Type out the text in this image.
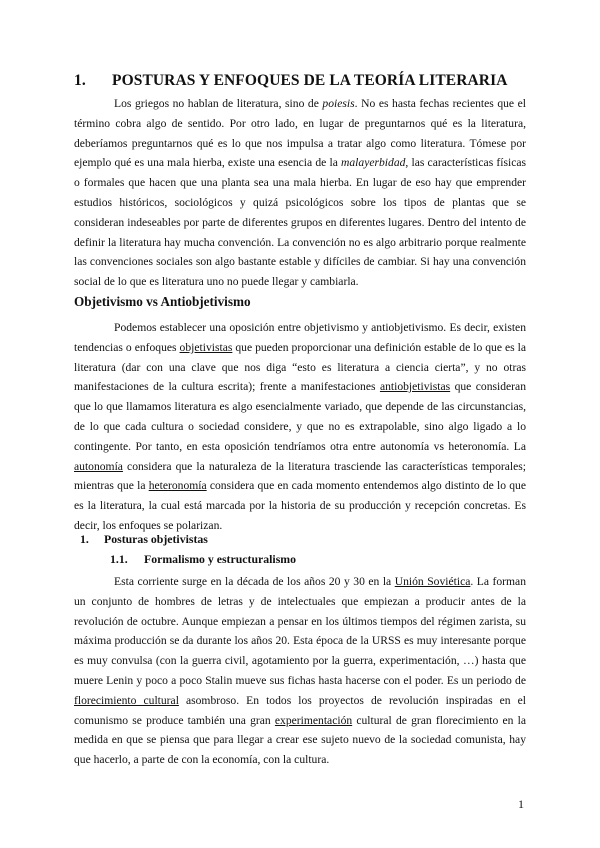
1. POSTURAS Y ENFOQUES DE LA TEORÍA LITERARIA
Los griegos no hablan de literatura, sino de poiesis. No es hasta fechas recientes que el término cobra algo de sentido. Por otro lado, en lugar de preguntarnos qué es la literatura, deberíamos preguntarnos qué es lo que nos impulsa a tratar algo como literatura. Tómese por ejemplo qué es una mala hierba, existe una esencia de la malayerbidad, las características físicas o formales que hacen que una planta sea una mala hierba. En lugar de eso hay que emprender estudios históricos, sociológicos y quizá psicológicos sobre los tipos de plantas que se consideran indeseables por parte de diferentes grupos en diferentes lugares. Dentro del intento de definir la literatura hay mucha convención. La convención no es algo arbitrario porque realmente las convenciones sociales son algo bastante estable y difíciles de cambiar. Si hay una convención social de lo que es literatura uno no puede llegar y cambiarla.
Objetivismo vs Antiobjetivismo
Podemos establecer una oposición entre objetivismo y antiobjetivismo. Es decir, existen tendencias o enfoques objetivistas que pueden proporcionar una definición estable de lo que es la literatura (dar con una clave que nos diga “esto es literatura a ciencia cierta”, y no otras manifestaciones de la cultura escrita); frente a manifestaciones antiobjetivistas que consideran que lo que llamamos literatura es algo esencialmente variado, que depende de las circunstancias, de lo que cada cultura o sociedad considere, y que no es extrapolable, sino algo ligado a lo contingente. Por tanto, en esta oposición tendríamos otra entre autonomía vs heteronomía. La autonomía considera que la naturaleza de la literatura trasciende las características temporales; mientras que la heteronomía considera que en cada momento entendemos algo distinto de lo que es la literatura, la cual está marcada por la historia de su producción y recepción concretas. Es decir, los enfoques se polarizan.
1. Posturas objetivistas
1.1. Formalismo y estructuralismo
Esta corriente surge en la década de los años 20 y 30 en la Unión Soviética. La forman un conjunto de hombres de letras y de intelectuales que empiezan a producir antes de la revolución de octubre. Aunque empiezan a pensar en los últimos tiempos del régimen zarista, su máxima producción se da durante los años 20. Esta época de la URSS es muy interesante porque es muy convulsa (con la guerra civil, agotamiento por la guerra, experimentación, …) hasta que muere Lenin y poco a poco Stalin mueve sus fichas hasta hacerse con el poder. Es un periodo de florecimiento cultural asombroso. En todos los proyectos de revolución inspiradas en el comunismo se produce también una gran experimentación cultural de gran florecimiento en la medida en que se piensa que para llegar a crear ese sujeto nuevo de la sociedad comunista, hay que hacerlo, a parte de con la economía, con la cultura.
1
